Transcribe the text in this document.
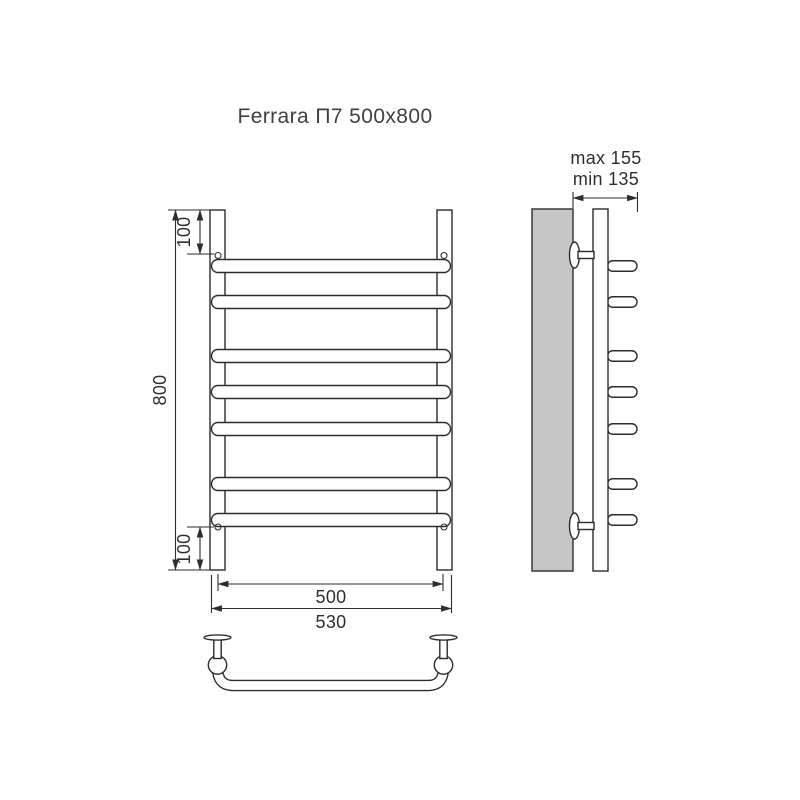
Ferrara П7 500x800
800
100
100
500
530
max 155
min 135
